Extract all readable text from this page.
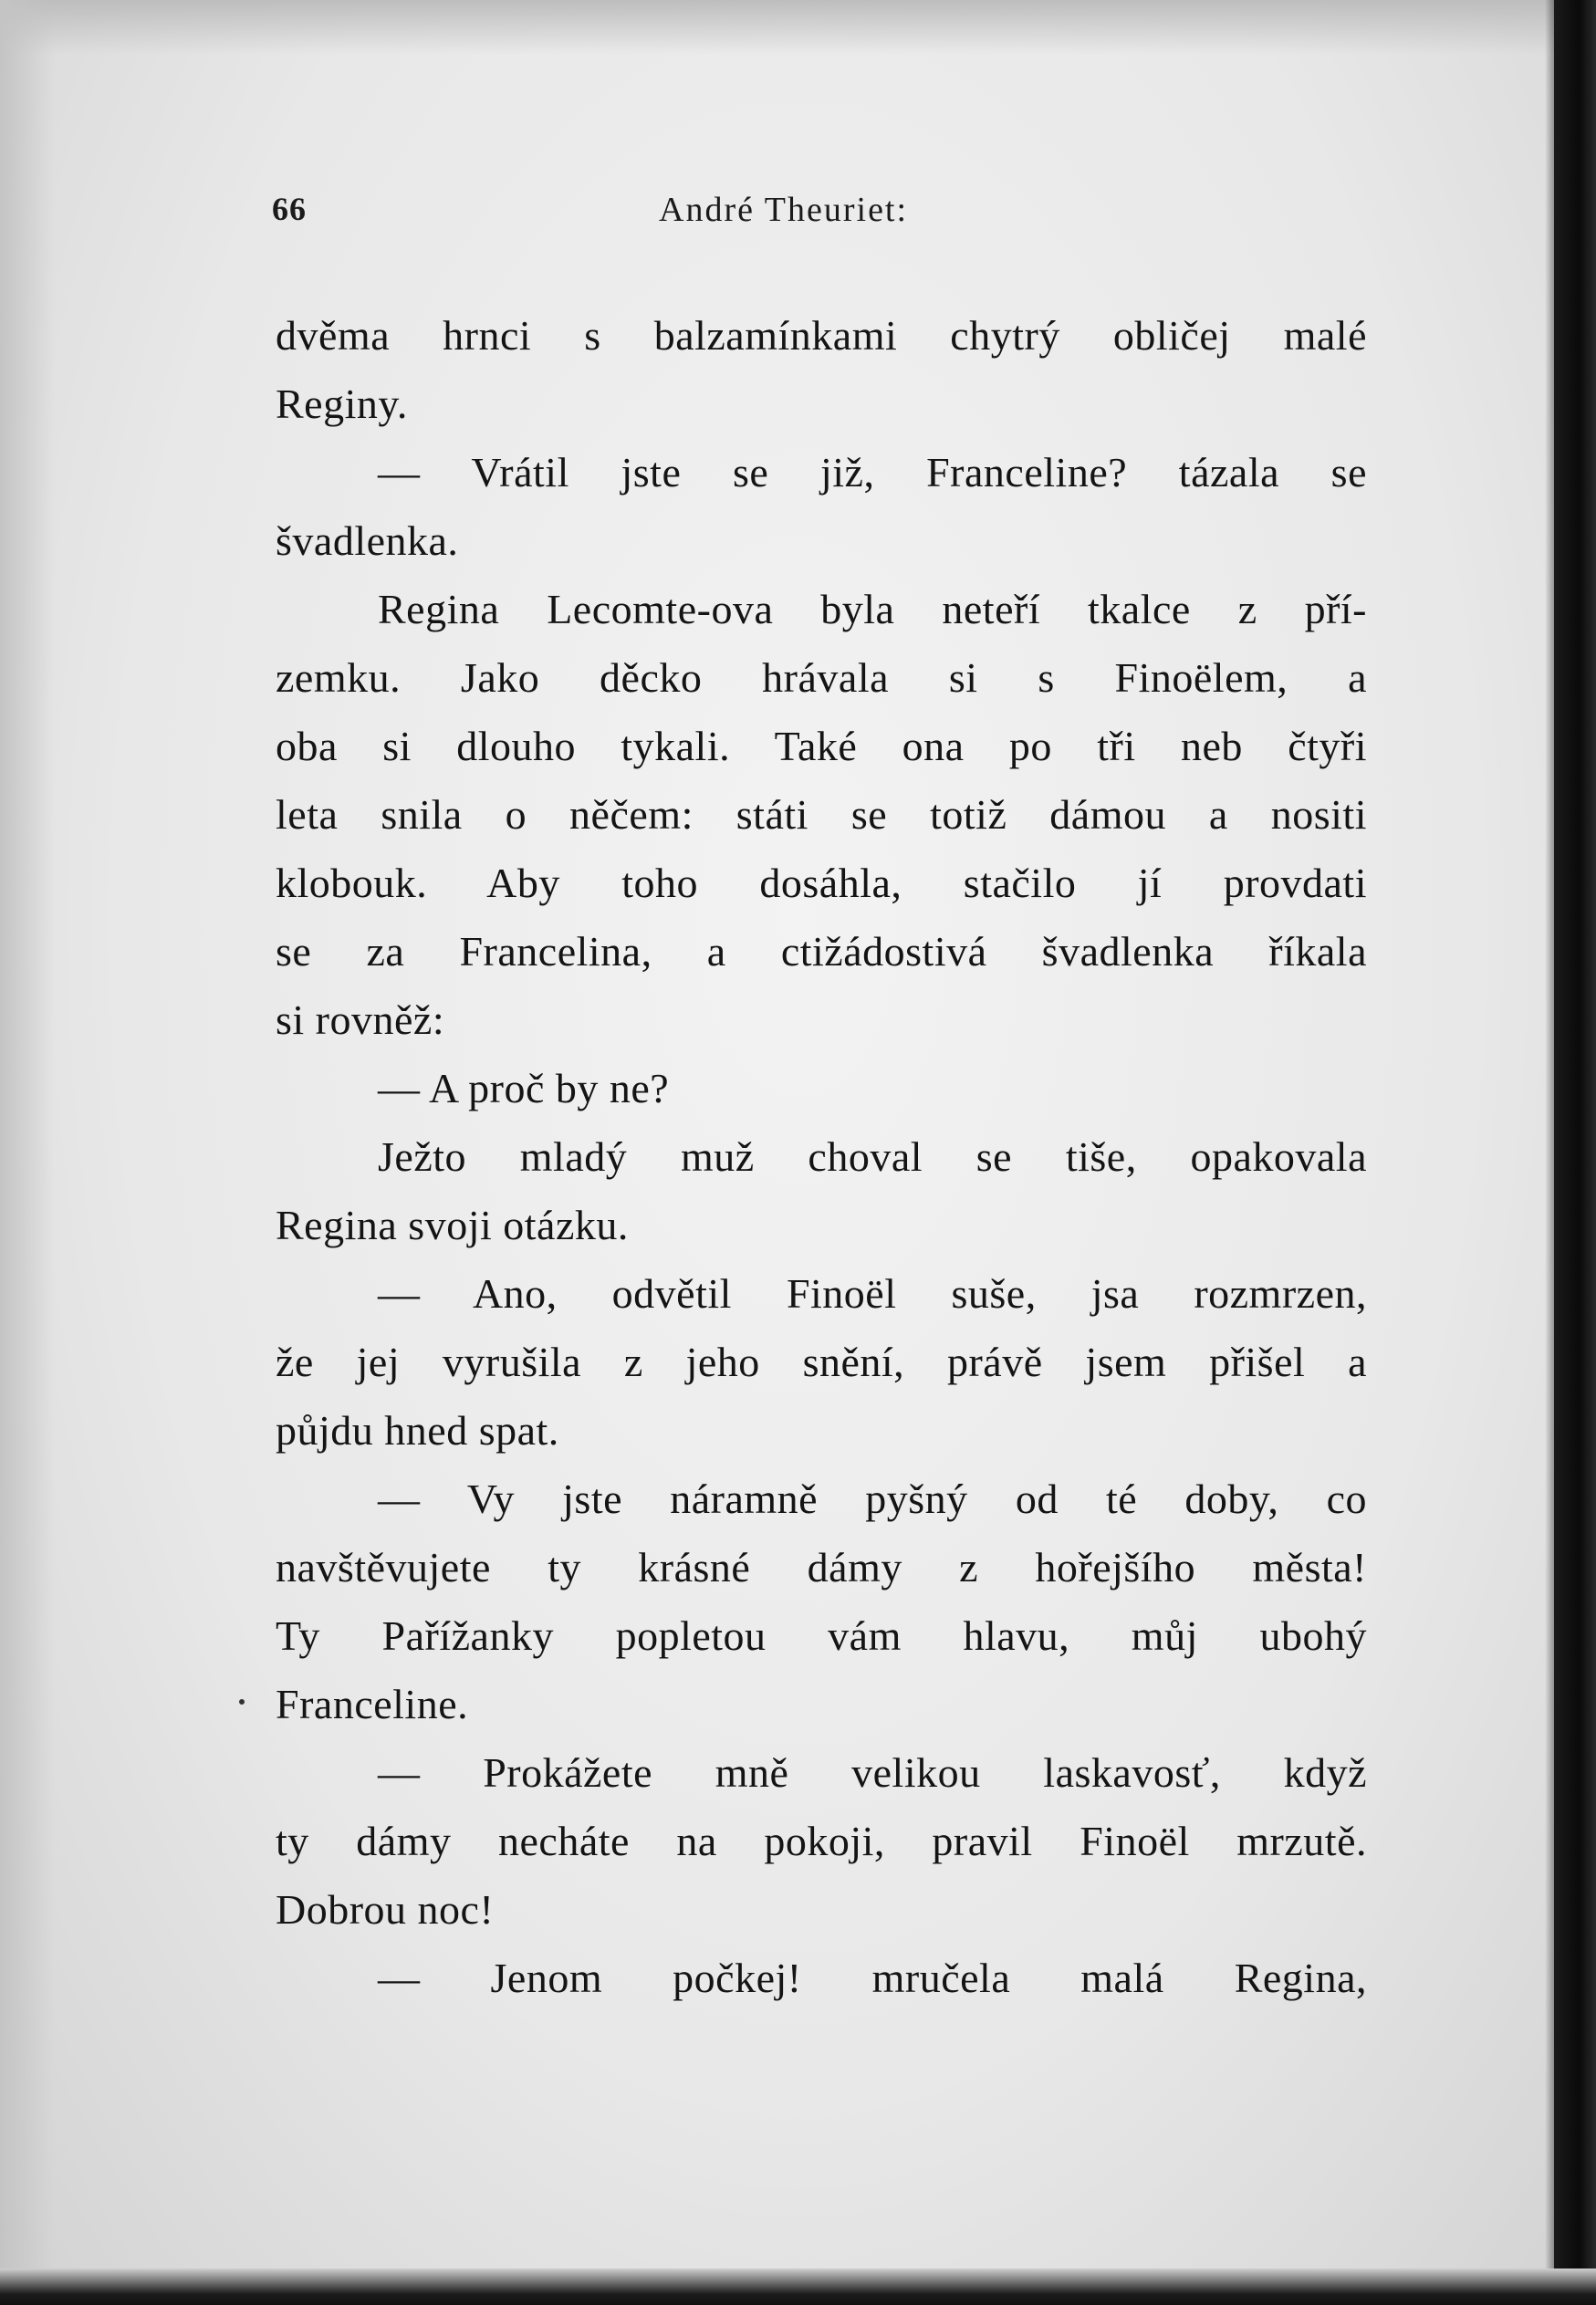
66	André Theuriet:
dvěma hrnci s balzamínkami chytrý obličej malé
Reginy.
— Vrátil jste se již, Franceline? tázala se
švadlenka.
Regina Lecomte-ova byla neteří tkalce z pří-
zemku. Jako děcko hrávala si s Finoëlem, a
oba si dlouho tykali. Také ona po tři neb čtyři
leta snila o něčem: státi se totiž dámou a nositi
klobouk. Aby toho dosáhla, stačilo jí provdati
se za Francelina, a ctižádostivá švadlenka říkala
si rovněž:
— A proč by ne?
Ježto mladý muž choval se tiše, opakovala
Regina svoji otázku.
— Ano, odvětil Finoël suše, jsa rozmrzen,
že jej vyrušila z jeho snění, právě jsem přišel a
půjdu hned spat.
— Vy jste náramně pyšný od té doby, co
navštěvujete ty krásné dámy z hořejšího města!
Ty Pařížanky popletou vám hlavu, můj ubohý
Franceline.
— Prokážete mně velikou laskavosť, když
ty dámy necháte na pokoji, pravil Finoël mrzutě.
Dobrou noc!
— Jenom počkej! mručela malá Regina,
